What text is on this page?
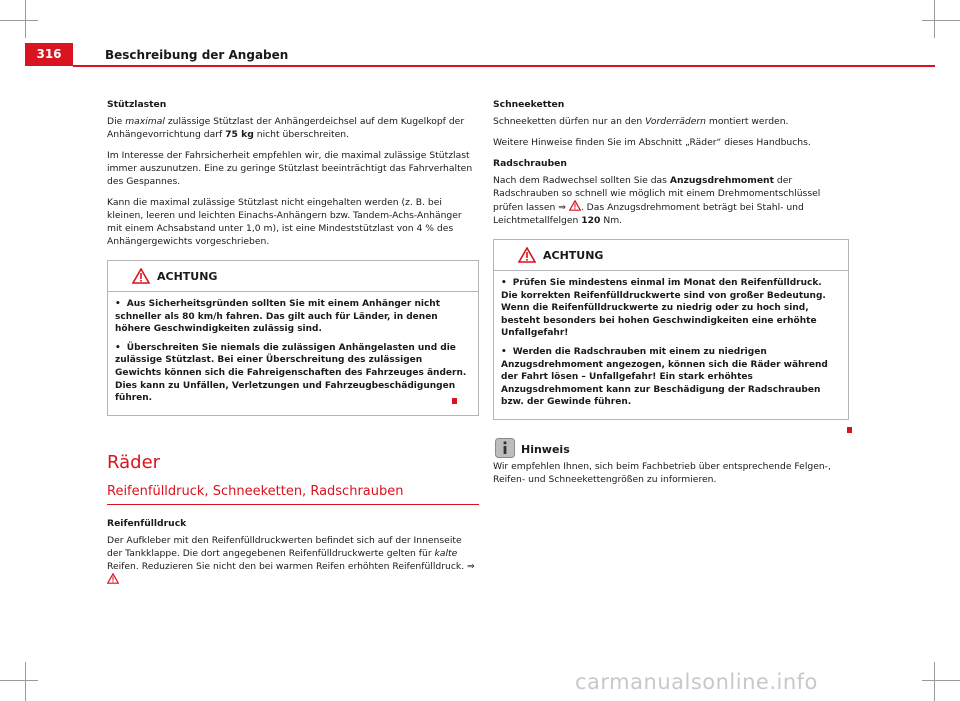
316	Beschreibung der Angaben
Stützlasten

Die maximal zulässige Stützlast der Anhängerdeichsel auf dem Kugelkopf der Anhängevorrichtung darf 75 kg nicht überschreiten.

Im Interesse der Fahrsicherheit empfehlen wir, die maximal zulässige Stützlast immer auszunutzen. Eine zu geringe Stützlast beeinträchtigt das Fahrverhalten des Gespannes.

Kann die maximal zulässige Stützlast nicht eingehalten werden (z. B. bei kleinen, leeren und leichten Einachs-Anhängern bzw. Tandem-Achs-Anhänger mit einem Achsabstand unter 1,0 m), ist eine Mindeststützlast von 4 % des Anhängergewichts vorgeschrieben.

ACHTUNG

• Aus Sicherheitsgründen sollten Sie mit einem Anhänger nicht schneller als 80 km/h fahren. Das gilt auch für Länder, in denen höhere Geschwindigkeiten zulässig sind.

• Überschreiten Sie niemals die zulässigen Anhängelasten und die zulässige Stützlast. Bei einer Überschreitung des zulässigen Gewichts können sich die Fahreigenschaften des Fahrzeuges ändern. Dies kann zu Unfällen, Verletzungen und Fahrzeugbeschädigungen führen.

Räder
Reifenfülldruck, Schneeketten, Radschrauben
Reifenfülldruck

Der Aufkleber mit den Reifenfülldruckwerten befindet sich auf der Innenseite der Tankklappe. Die dort angegebenen Reifenfülldruckwerte gelten für kalte Reifen. Reduzieren Sie nicht den bei warmen Reifen erhöhten Reifenfülldruck. ⇒

Schneeketten

Schneeketten dürfen nur an den Vorderrädern montiert werden.

Weitere Hinweise finden Sie im Abschnitt „Räder“ dieses Handbuchs.

Radschrauben

Nach dem Radwechsel sollten Sie das Anzugsdrehmoment der Radschrauben so schnell wie möglich mit einem Drehmomentschlüssel prüfen lassen ⇒ . Das Anzugsdrehmoment beträgt bei Stahl- und Leichtmetallfelgen 120 Nm.

ACHTUNG

• Prüfen Sie mindestens einmal im Monat den Reifenfülldruck. Die korrekten Reifenfülldruckwerte sind von großer Bedeutung. Wenn die Reifenfülldruckwerte zu niedrig oder zu hoch sind, besteht besonders bei hohen Geschwindigkeiten eine erhöhte Unfallgefahr!

• Werden die Radschrauben mit einem zu niedrigen Anzugsdrehmoment angezogen, können sich die Räder während der Fahrt lösen – Unfallgefahr! Ein stark erhöhtes Anzugsdrehmoment kann zur Beschädigung der Radschrauben bzw. der Gewinde führen.

Hinweis

Wir empfehlen Ihnen, sich beim Fachbetrieb über entsprechende Felgen-, Reifen- und Schneekettengrößen zu informieren.

carmanualsonline.info
